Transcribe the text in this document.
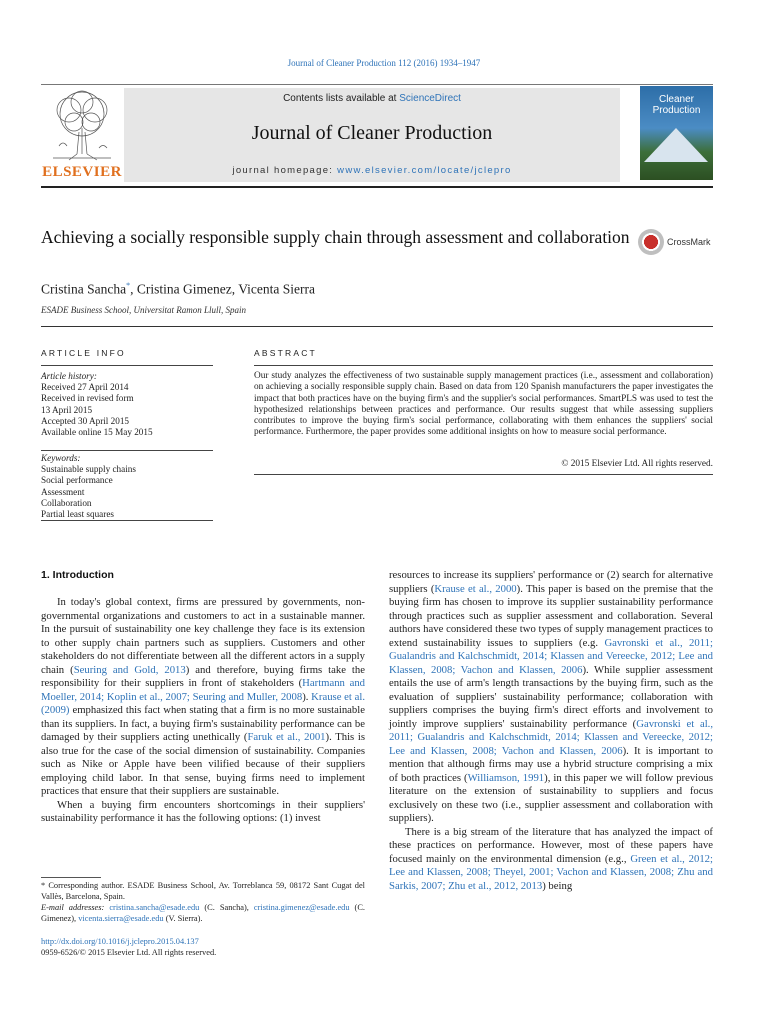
Journal of Cleaner Production 112 (2016) 1934–1947
ELSEVIER
Contents lists available at ScienceDirect
Journal of Cleaner Production
journal homepage: www.elsevier.com/locate/jclepro
Cleaner
Production
Achieving a socially responsible supply chain through assessment and collaboration	CrossMark
Cristina Sancha*, Cristina Gimenez, Vicenta Sierra
ESADE Business School, Universitat Ramon Llull, Spain
ARTICLE INFO	ABSTRACT
Article history:
Received 27 April 2014
Received in revised form
13 April 2015
Accepted 30 April 2015
Available online 15 May 2015
Keywords:
Sustainable supply chains
Social performance
Assessment
Collaboration
Partial least squares
Our study analyzes the effectiveness of two sustainable supply management practices (i.e., assessment and collaboration) on achieving a socially responsible supply chain. Based on data from 120 Spanish manufacturers the paper investigates the impact that both practices have on the buying firm's and the supplier's social performances. SmartPLS was used to test the hypothesized relationships between practices and performance. Our results suggest that while assessing suppliers contributes to improve the buying firm's social performance, collaborating with them enhances the suppliers' social performance. Furthermore, the paper provides some additional insights on how to measure social performance.
© 2015 Elsevier Ltd. All rights reserved.
1. Introduction

In today's global context, firms are pressured by governments, non-governmental organizations and customers to act in a sustainable manner. In the pursuit of sustainability one key challenge they face is its extension to other supply chain partners such as suppliers. Customers and other stakeholders do not differentiate between all the different actors in a supply chain (Seuring and Gold, 2013) and therefore, buying firms take the responsibility for their suppliers in front of stakeholders (Hartmann and Moeller, 2014; Koplin et al., 2007; Seuring and Muller, 2008). Krause et al. (2009) emphasized this fact when stating that a firm is no more sustainable than its suppliers. In fact, a buying firm's sustainability performance can be damaged by their suppliers acting unethically (Faruk et al., 2001). This is also true for the case of the social dimension of sustainability. Companies such as Nike or Apple have been vilified because of their suppliers employing child labor. In that sense, buying firms need to implement practices that ensure that their suppliers are sustainable.

When a buying firm encounters shortcomings in their suppliers' sustainability performance it has the following options: (1) invest

resources to increase its suppliers' performance or (2) search for alternative suppliers (Krause et al., 2000). This paper is based on the premise that the buying firm has chosen to improve its supplier sustainability performance through practices such as supplier assessment and collaboration. Several authors have considered these two types of supply management practices to extend sustainability issues to suppliers (e.g. Gavronski et al., 2011; Gualandris and Kalchschmidt, 2014; Klassen and Vereecke, 2012; Lee and Klassen, 2008; Vachon and Klassen, 2006). While supplier assessment entails the use of arm's length transactions by the buying firm, such as the evaluation of suppliers' sustainability performance; collaboration with suppliers comprises the buying firm's direct efforts and involvement to jointly improve suppliers' sustainability performance (Gavronski et al., 2011; Gualandris and Kalchschmidt, 2014; Klassen and Vereecke, 2012; Lee and Klassen, 2008; Vachon and Klassen, 2006). It is important to mention that although firms may use a hybrid structure comprising a mix of both practices (Williamson, 1991), in this paper we will follow previous literature on the extension of sustainability to suppliers and focus exclusively on these two (i.e., supplier assessment and collaboration with suppliers).

There is a big stream of the literature that has analyzed the impact of these practices on performance. However, most of these papers have focused mainly on the environmental dimension (e.g., Green et al., 2012; Lee and Klassen, 2008; Theyel, 2001; Vachon and Klassen, 2008; Zhu and Sarkis, 2007; Zhu et al., 2012, 2013) being

* Corresponding author. ESADE Business School, Av. Torreblanca 59, 08172 Sant Cugat del Vallès, Barcelona, Spain.
E-mail addresses: cristina.sancha@esade.edu (C. Sancha), cristina.gimenez@esade.edu (C. Gimenez), vicenta.sierra@esade.edu (V. Sierra).
http://dx.doi.org/10.1016/j.jclepro.2015.04.137
0959-6526/© 2015 Elsevier Ltd. All rights reserved.
